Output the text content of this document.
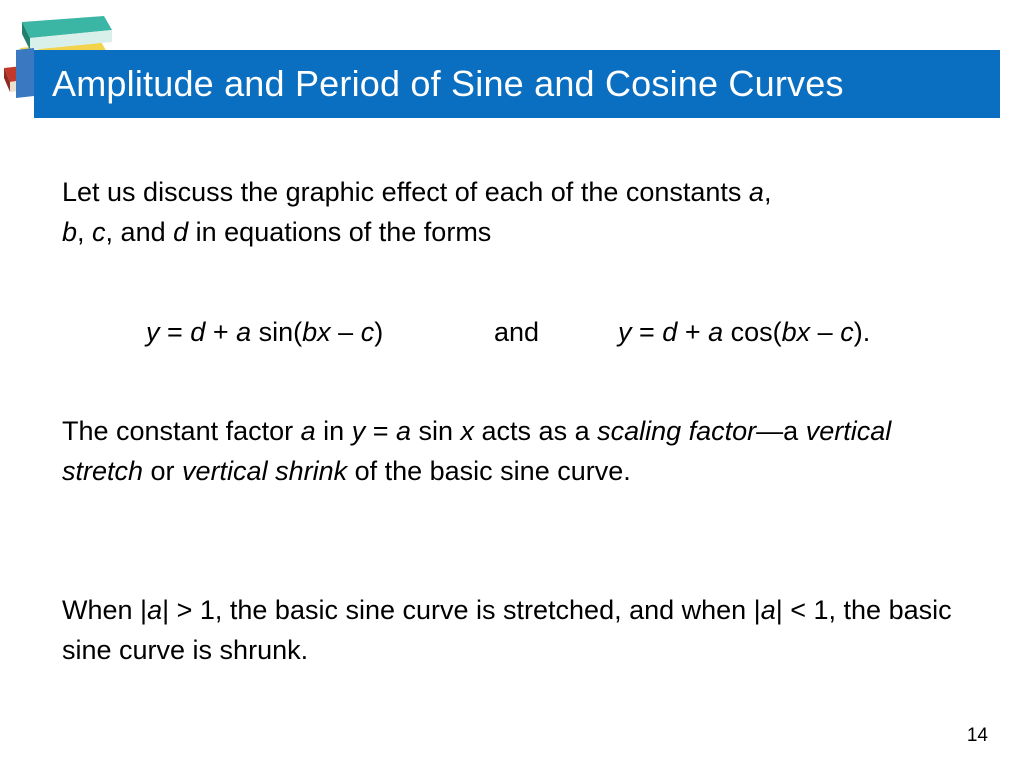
Amplitude and Period of Sine and Cosine Curves

Let us discuss the graphic effect of each of the constants a,
b, c, and d in equations of the forms

y = d + a sin(bx – c)	and	y = d + a cos(bx – c).

The constant factor a in y = a sin x acts as a scaling factor—a vertical stretch or vertical shrink of the basic sine curve.

When |a| > 1, the basic sine curve is stretched, and when |a| < 1, the basic sine curve is shrunk.

14
